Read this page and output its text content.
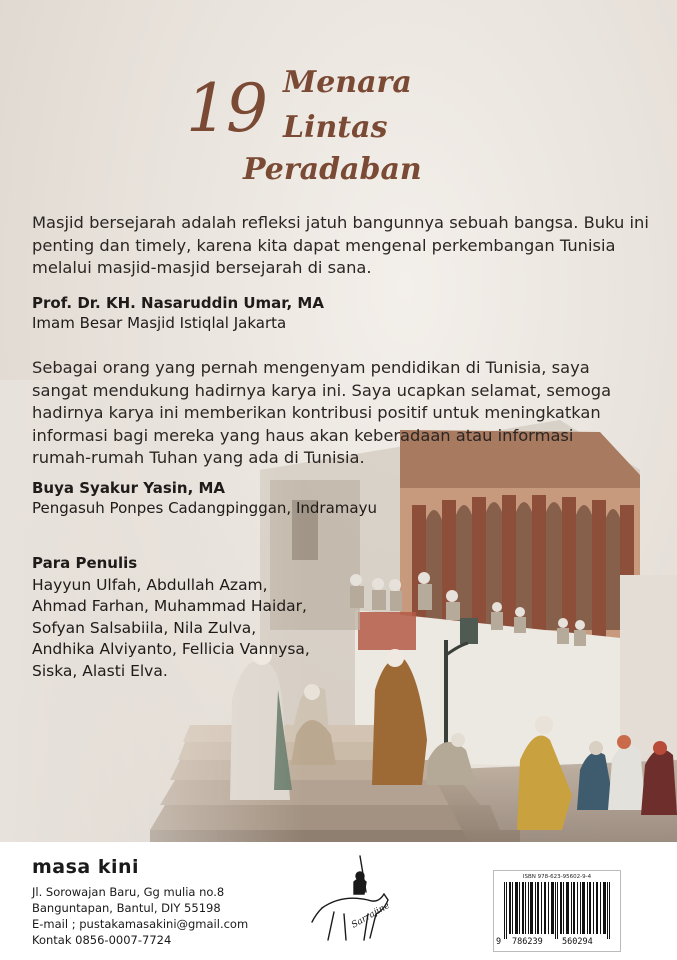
19 Menara
Lintas
Peradaban
Masjid bersejarah adalah refleksi jatuh bangunnya sebuah bangsa. Buku ini penting dan timely, karena kita dapat mengenal perkembangan Tunisia melalui masjid-masjid bersejarah di sana.
Prof. Dr. KH. Nasaruddin Umar, MA
Imam Besar Masjid Istiqlal Jakarta
Sebagai orang yang pernah mengenyam pendidikan di Tunisia, saya sangat mendukung hadirnya karya ini. Saya ucapkan selamat, semoga hadirnya karya ini memberikan kontribusi positif untuk meningkatkan informasi bagi mereka yang haus akan keberadaan atau informasi rumah-rumah Tuhan yang ada di Tunisia.
Buya Syakur Yasin, MA
Pengasuh Ponpes Cadangpinggan, Indramayu
Para Penulis
Hayyun Ulfah, Abdullah Azam,
Ahmad Farhan, Muhammad Haidar,
Sofyan Salsabiila, Nila Zulva,
Andhika Alviyanto, Fellicia Vannysa,
Siska, Alasti Elva.
masa kini
Jl. Sorowajan Baru, Gg mulia no.8
Banguntapan, Bantul, DIY 55198
E-mail ; pustakamasakini@gmail.com
Kontak 0856-0007-7724
Sarrajine
ISBN 978-623-95602-9-4
9 786239 560294
